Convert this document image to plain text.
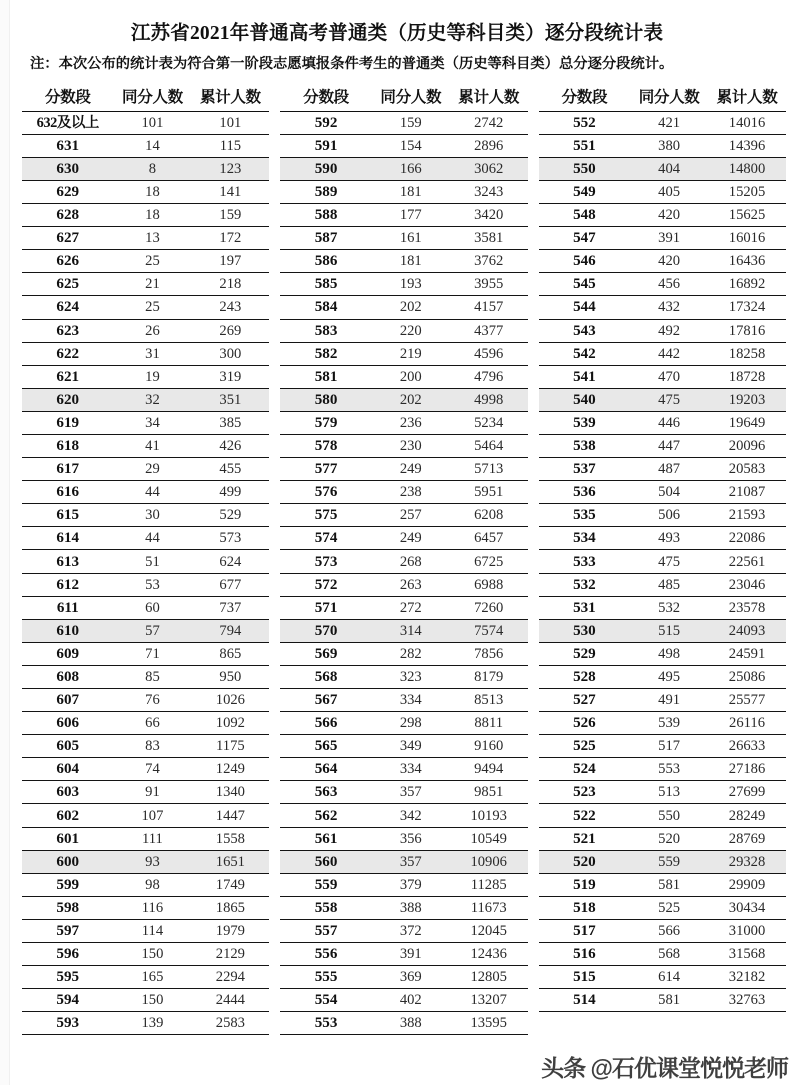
江苏省2021年普通高考普通类（历史等科目类）逐分段统计表
注：本次公布的统计表为符合第一阶段志愿填报条件考生的普通类（历史等科目类）总分逐分段统计。
分数段	同分人数	累计人数

632及以上	101	101
631	14	115
630	8	123
629	18	141
628	18	159
627	13	172
626	25	197
625	21	218
624	25	243
623	26	269
622	31	300
621	19	319
620	32	351
619	34	385
618	41	426
617	29	455
616	44	499
615	30	529
614	44	573
613	51	624
612	53	677
611	60	737
610	57	794
609	71	865
608	85	950
607	76	1026
606	66	1092
605	83	1175
604	74	1249
603	91	1340
602	107	1447
601	111	1558
600	93	1651
599	98	1749
598	116	1865
597	114	1979
596	150	2129
595	165	2294
594	150	2444
593	139	2583
分数段	同分人数	累计人数

592	159	2742
591	154	2896
590	166	3062
589	181	3243
588	177	3420
587	161	3581
586	181	3762
585	193	3955
584	202	4157
583	220	4377
582	219	4596
581	200	4796
580	202	4998
579	236	5234
578	230	5464
577	249	5713
576	238	5951
575	257	6208
574	249	6457
573	268	6725
572	263	6988
571	272	7260
570	314	7574
569	282	7856
568	323	8179
567	334	8513
566	298	8811
565	349	9160
564	334	9494
563	357	9851
562	342	10193
561	356	10549
560	357	10906
559	379	11285
558	388	11673
557	372	12045
556	391	12436
555	369	12805
554	402	13207
553	388	13595
分数段	同分人数	累计人数

552	421	14016
551	380	14396
550	404	14800
549	405	15205
548	420	15625
547	391	16016
546	420	16436
545	456	16892
544	432	17324
543	492	17816
542	442	18258
541	470	18728
540	475	19203
539	446	19649
538	447	20096
537	487	20583
536	504	21087
535	506	21593
534	493	22086
533	475	22561
532	485	23046
531	532	23578
530	515	24093
529	498	24591
528	495	25086
527	491	25577
526	539	26116
525	517	26633
524	553	27186
523	513	27699
522	550	28249
521	520	28769
520	559	29328
519	581	29909
518	525	30434
517	566	31000
516	568	31568
515	614	32182
514	581	32763
头条 @石优课堂悦悦老师
